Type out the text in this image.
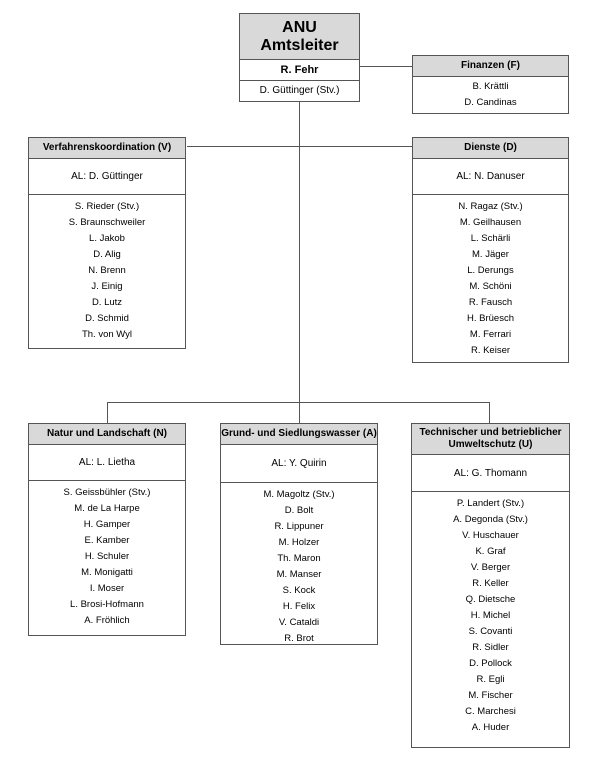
ANU
Amtsleiter
R. Fehr
D. Güttinger (Stv.)
Finanzen (F)
B. Krättli
D. Candinas
Verfahrenskoordination (V)
AL: D. Güttinger
S. Rieder (Stv.)
S. Braunschweiler
L. Jakob
D. Alig
N. Brenn
J. Einig
D. Lutz
D. Schmid
Th. von Wyl
Dienste (D)
AL: N. Danuser
N. Ragaz (Stv.)
M. Geilhausen
L. Schärli
M. Jäger
L. Derungs
M. Schöni
R. Fausch
H. Brüesch
M. Ferrari
R. Keiser
Natur und Landschaft (N)
AL: L. Lietha
S. Geissbühler (Stv.)
M. de La Harpe
H. Gamper
E. Kamber
H. Schuler
M. Monigatti
I. Moser
L. Brosi-Hofmann
A. Fröhlich
Grund- und Siedlungswasser (A)
AL: Y. Quirin
M. Magoltz (Stv.)
D. Bolt
R. Lippuner
M. Holzer
Th. Maron
M. Manser
S. Kock
H. Felix
V. Cataldi
R. Brot
Technischer und betrieblicher
Umweltschutz (U)
AL: G. Thomann
P. Landert (Stv.)
A. Degonda (Stv.)
V. Huschauer
K. Graf
V. Berger
R. Keller
Q. Dietsche
H. Michel
S. Covanti
R. Sidler
D. Pollock
R. Egli
M. Fischer
C. Marchesi
A. Huder
